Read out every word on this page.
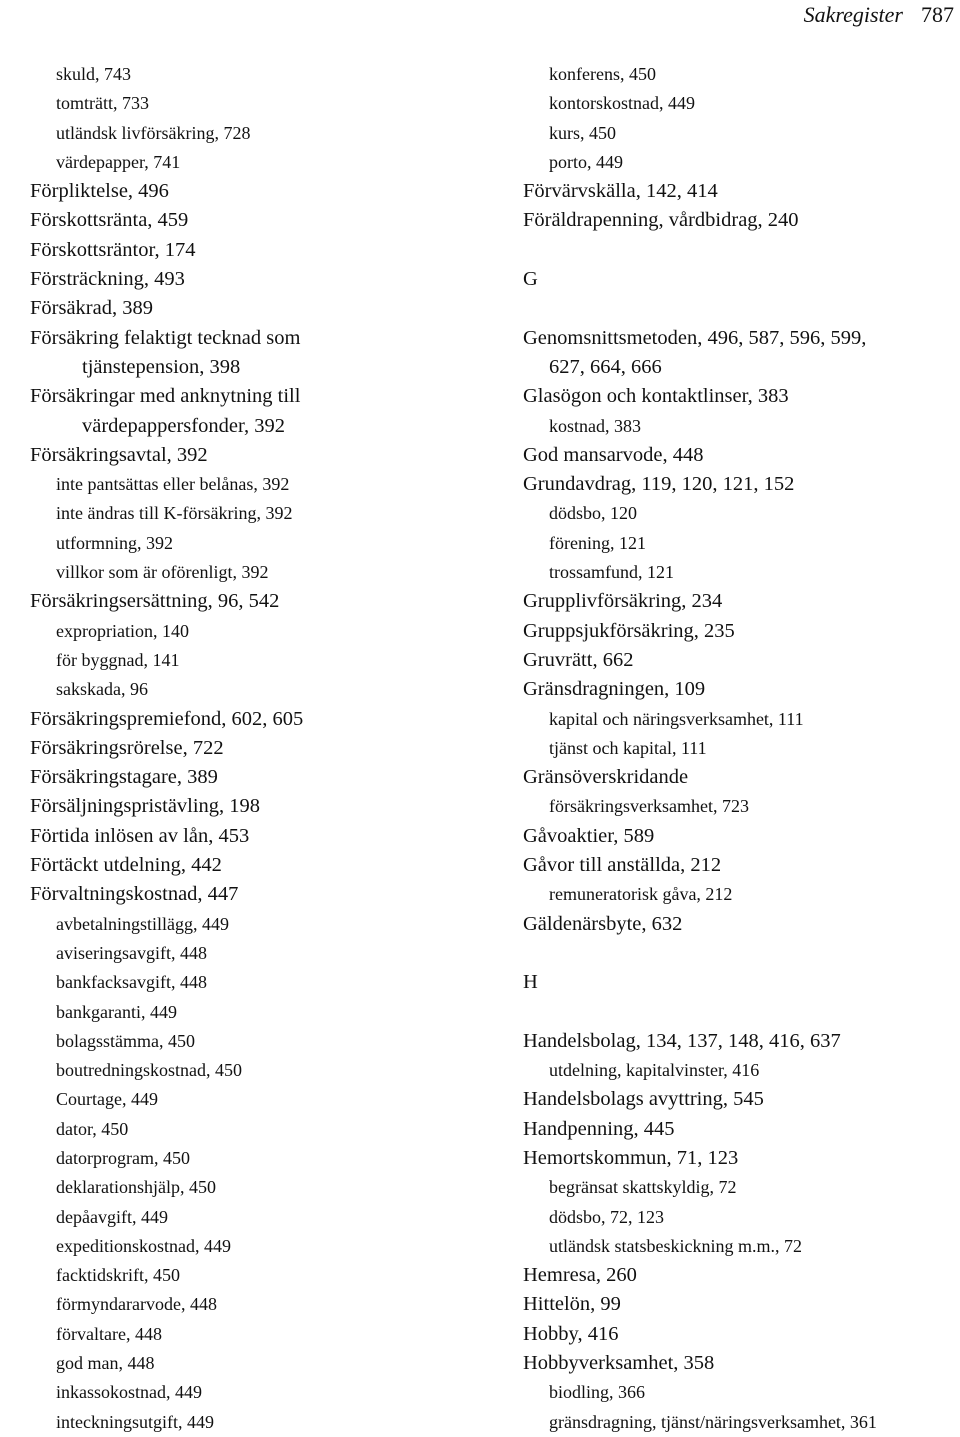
Sakregister 787
skuld, 743
tomträtt, 733
utländsk livförsäkring, 728
värdepapper, 741
Förpliktelse, 496
Förskottsränta, 459
Förskottsräntor, 174
Försträckning, 493
Försäkrad, 389
Försäkring felaktigt tecknad som
tjänstepension, 398
Försäkringar med anknytning till
värdepappersfonder, 392
Försäkringsavtal, 392
inte pantsättas eller belånas, 392
inte ändras till K-försäkring, 392
utformning, 392
villkor som är oförenligt, 392
Försäkringsersättning, 96, 542
expropriation, 140
för byggnad, 141
sakskada, 96
Försäkringspremiefond, 602, 605
Försäkringsrörelse, 722
Försäkringstagare, 389
Försäljningspristävling, 198
Förtida inlösen av lån, 453
Förtäckt utdelning, 442
Förvaltningskostnad, 447
avbetalningstillägg, 449
aviseringsavgift, 448
bankfacksavgift, 448
bankgaranti, 449
bolagsstämma, 450
boutredningskostnad, 450
Courtage, 449
dator, 450
datorprogram, 450
deklarationshjälp, 450
depåavgift, 449
expeditionskostnad, 449
facktidskrift, 450
förmyndararvode, 448
förvaltare, 448
god man, 448
inkassokostnad, 449
inteckningsutgift, 449
konferens, 450
kontorskostnad, 449
kurs, 450
porto, 449
Förvärvskälla, 142, 414
Föräldrapenning, vårdbidrag, 240
G
Genomsnittsmetoden, 496, 587, 596, 599,
627, 664, 666
Glasögon och kontaktlinser, 383
kostnad, 383
God mansarvode, 448
Grundavdrag, 119, 120, 121, 152
dödsbo, 120
förening, 121
trossamfund, 121
Grupplivförsäkring, 234
Gruppsjukförsäkring, 235
Gruvrätt, 662
Gränsdragningen, 109
kapital och näringsverksamhet, 111
tjänst och kapital, 111
Gränsöverskridande
försäkringsverksamhet, 723
Gåvoaktier, 589
Gåvor till anställda, 212
remuneratorisk gåva, 212
Gäldenärsbyte, 632
H
Handelsbolag, 134, 137, 148, 416, 637
utdelning, kapitalvinster, 416
Handelsbolags avyttring, 545
Handpenning, 445
Hemortskommun, 71, 123
begränsat skattskyldig, 72
dödsbo, 72, 123
utländsk statsbeskickning m.m., 72
Hemresa, 260
Hittelön, 99
Hobby, 416
Hobbyverksamhet, 358
biodling, 366
gränsdragning, tjänst/näringsverksamhet, 361
